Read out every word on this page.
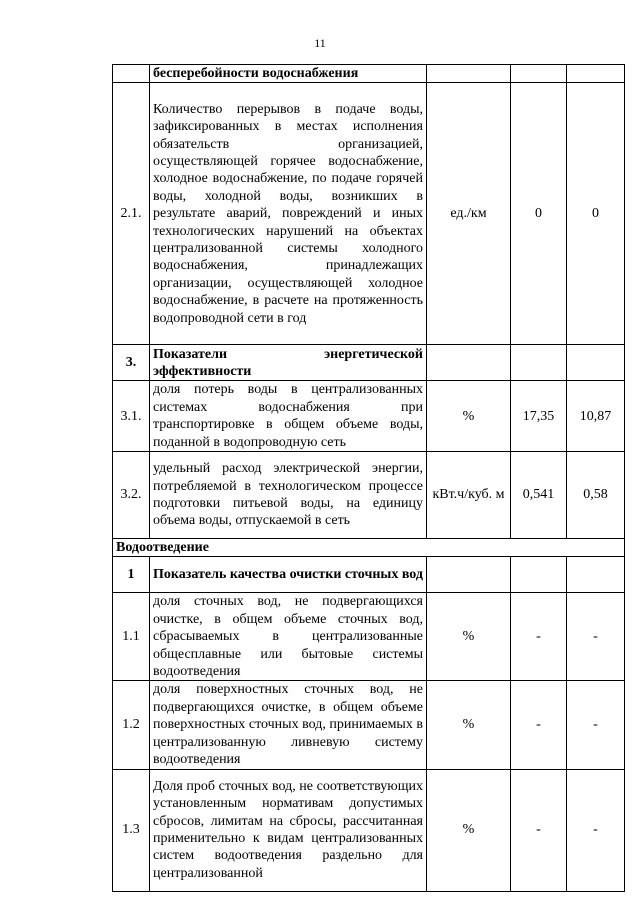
11
	бесперебойности водоснабжения			
2.1.	Количество перерывов в подаче воды, зафиксированных в местах исполнения обязательств организацией, осуществляющей горячее водоснабжение, холодное водоснабжение, по подаче горячей воды, холодной воды, возникших в результате аварий, повреждений и иных технологических нарушений на объектах централизованной системы холодного водоснабжения, принадлежащих организации, осуществляющей холодное водоснабжение, в расчете на протяженность водопроводной сети в год	ед./км	0	0
3.	Показатели энергетической эффективности			
3.1.	доля потерь воды в централизованных системах водоснабжения при транспортировке в общем объеме воды, поданной в водопроводную сеть	%	17,35	10,87
3.2.	удельный расход электрической энергии, потребляемой в технологическом процессе подготовки питьевой воды, на единицу объема воды, отпускаемой в сеть	кВт.ч/куб. м	0,541	0,58
Водоотведение				
1	Показатель качества очистки сточных вод			
1.1	доля сточных вод, не подвергающихся очистке, в общем объеме сточных вод, сбрасываемых в централизованные общесплавные или бытовые системы водоотведения	%	-	-
1.2	доля поверхностных сточных вод, не подвергающихся очистке, в общем объеме поверхностных сточных вод, принимаемых в централизованную ливневую систему водоотведения	%	-	-
1.3	Доля проб сточных вод, не соответствующих установленным нормативам допустимых сбросов, лимитам на сбросы, рассчитанная применительно к видам централизованных систем водоотведения раздельно для централизованной	%	-	-
